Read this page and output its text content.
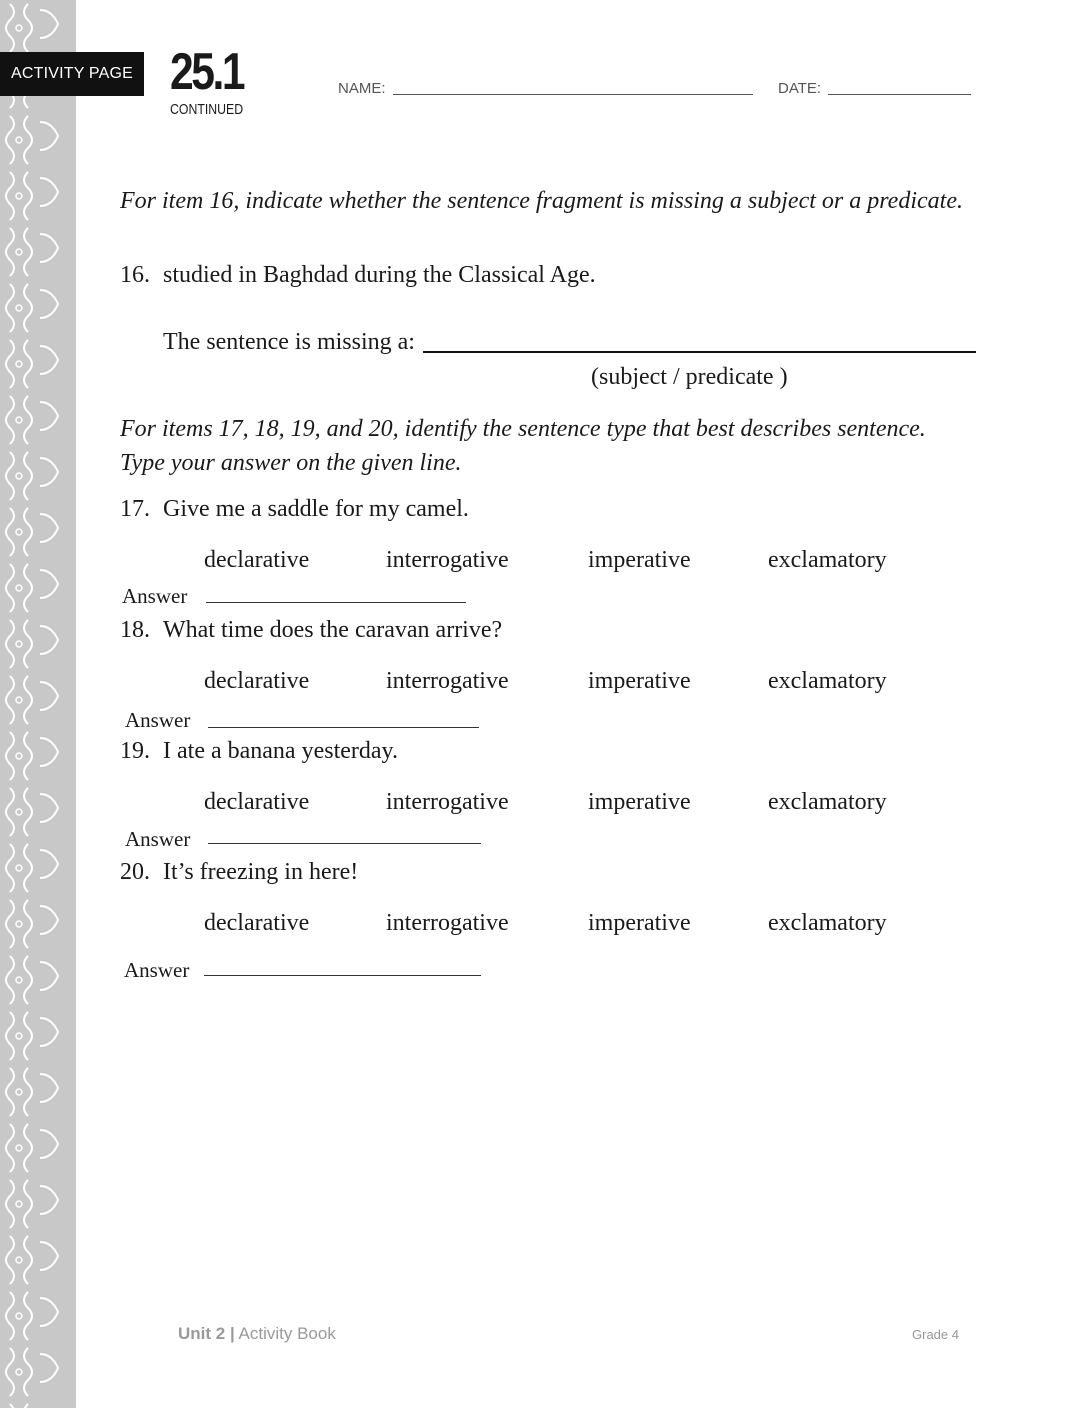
ACTIVITY PAGE 25.1
CONTINUED
NAME:	DATE:
For item 16, indicate whether the sentence fragment is missing a subject or a predicate.
16. studied in Baghdad during the Classical Age.
The sentence is missing a:
(subject / predicate )
For items 17, 18, 19, and 20, identify the sentence type that best describes sentence.
Type your answer on the given line.
17. Give me a saddle for my camel.
declarative	interrogative	imperative	exclamatory
Answer
18. What time does the caravan arrive?
declarative	interrogative	imperative	exclamatory
Answer
19. I ate a banana yesterday.
declarative	interrogative	imperative	exclamatory
Answer
20. It’s freezing in here!
declarative	interrogative	imperative	exclamatory
Answer
Unit 2 | Activity Book	Grade 4
